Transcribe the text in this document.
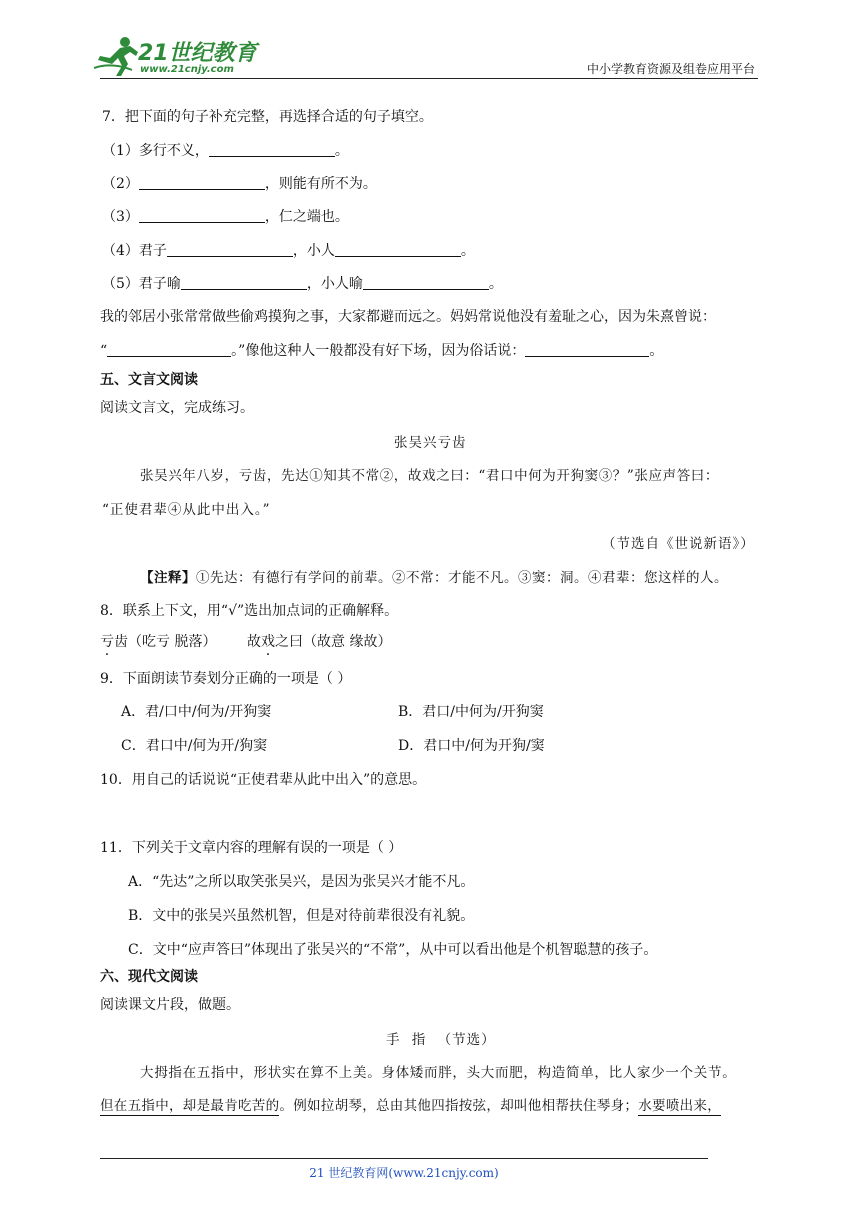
21世纪教育
www.21cnjy.com	中小学教育资源及组卷应用平台
7．把下面的句子补充完整，再选择合适的句子填空。
（1）多行不义，	。
（2）	，则能有所不为。
（3）	，仁之端也。
（4）君子	，小人	。
（5）君子喻	，小人喻	。
我的邻居小张常常做些偷鸡摸狗之事，大家都避而远之。妈妈常说他没有羞耻之心，因为朱熹曾说：
“	。”像他这种人一般都没有好下场，因为俗话说：	。
五、文言文阅读
阅读文言文，完成练习。
张吴兴亏齿
张吴兴年八岁，亏齿，先达①知其不常②，故戏之曰：“君口中何为开狗窦③？”张应声答曰：
“正使君辈④从此中出入。”
（节选自《世说新语》）
【注释】①先达：有德行有学问的前辈。②不常：才能不凡。③窦：洞。④君辈：您这样的人。
8．联系上下文，用“√”选出加点词的正确解释。
亏齿（吃亏 脱落） 故戏之曰（故意 缘故）
9．下面朗读节奏划分正确的一项是（ ）
A．君/口中/何为/开狗窦	B．君口/中何为/开狗窦
C．君口中/何为开/狗窦	D．君口中/何为开狗/窦
10．用自己的话说说“正使君辈从此中出入”的意思。
11．下列关于文章内容的理解有误的一项是（ ）
A．“先达”之所以取笑张吴兴，是因为张吴兴才能不凡。
B．文中的张吴兴虽然机智，但是对待前辈很没有礼貌。
C．文中“应声答曰”体现出了张吴兴的“不常”，从中可以看出他是个机智聪慧的孩子。
六、现代文阅读
阅读课文片段，做题。
手 指 （节选）
大拇指在五指中，形状实在算不上美。身体矮而胖，头大而肥，构造简单，比人家少一个关节。
但在五指中，却是最肯吃苦的。例如拉胡琴，总由其他四指按弦，却叫他相帮扶住琴身；水要喷出来，
21 世纪教育网(www.21cnjy.com)
